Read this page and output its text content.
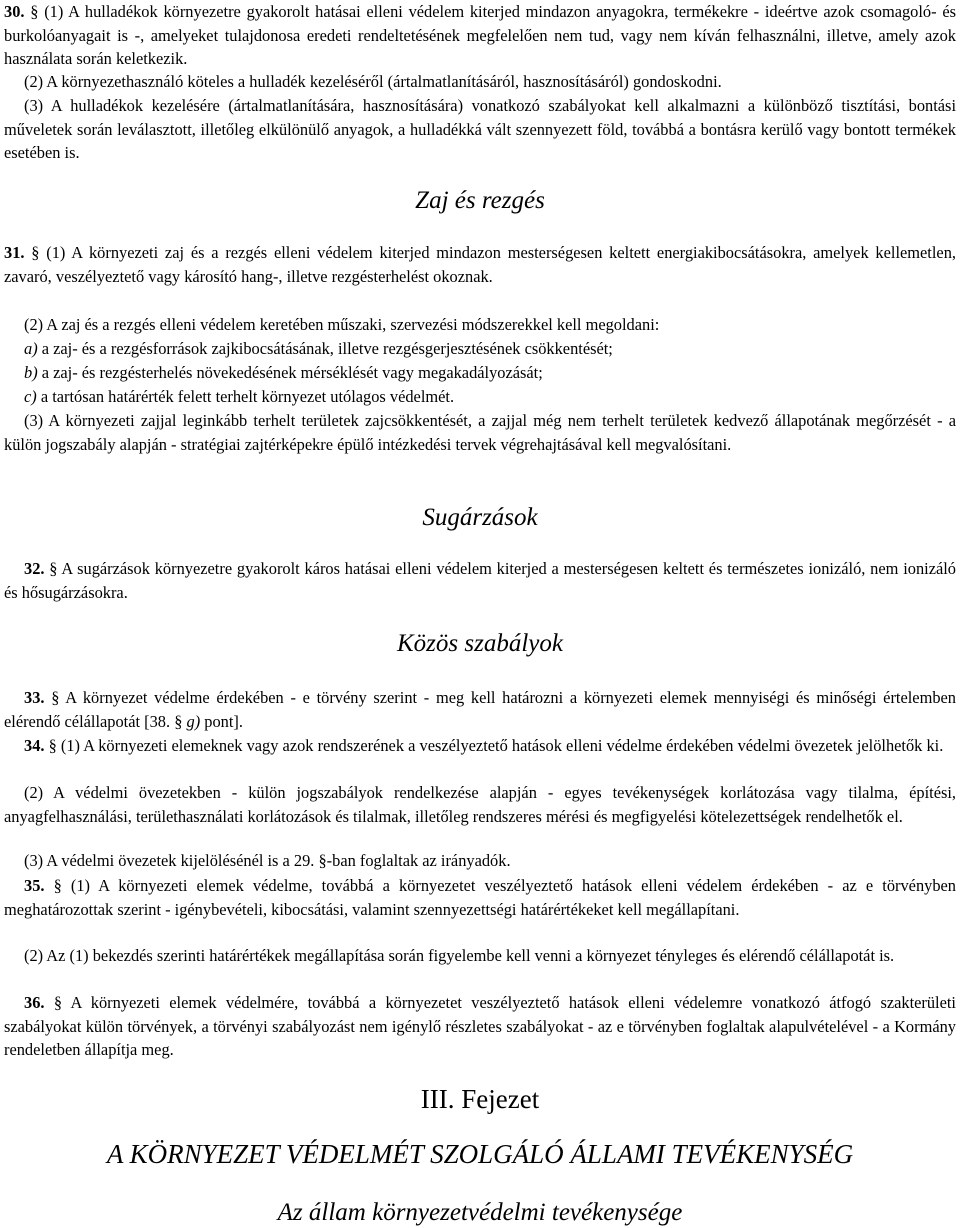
30. § (1) A hulladékok környezetre gyakorolt hatásai elleni védelem kiterjed mindazon anyagokra, termékekre - ideértve azok csomagoló- és burkolóanyagait is -, amelyeket tulajdonosa eredeti rendeltetésének megfelelően nem tud, vagy nem kíván felhasználni, illetve, amely azok használata során keletkezik.

(2) A környezethasználó köteles a hulladék kezeléséről (ártalmatlanításáról, hasznosításáról) gondoskodni.

(3) A hulladékok kezelésére (ártalmatlanítására, hasznosítására) vonatkozó szabályokat kell alkalmazni a különböző tisztítási, bontási műveletek során leválasztott, illetőleg elkülönülő anyagok, a hulladékká vált szennyezett föld, továbbá a bontásra kerülő vagy bontott termékek esetében is.

Zaj és rezgés

31. § (1) A környezeti zaj és a rezgés elleni védelem kiterjed mindazon mesterségesen keltett energiakibocsátásokra, amelyek kellemetlen, zavaró, veszélyeztető vagy károsító hang-, illetve rezgésterhelést okoznak.

(2) A zaj és a rezgés elleni védelem keretében műszaki, szervezési módszerekkel kell megoldani:

a) a zaj- és a rezgésforrások zajkibocsátásának, illetve rezgésgerjesztésének csökkentését;

b) a zaj- és rezgésterhelés növekedésének mérséklését vagy megakadályozását;

c) a tartósan határérték felett terhelt környezet utólagos védelmét.

(3) A környezeti zajjal leginkább terhelt területek zajcsökkentését, a zajjal még nem terhelt területek kedvező állapotának megőrzését - a külön jogszabály alapján - stratégiai zajtérképekre épülő intézkedési tervek végrehajtásával kell megvalósítani.

Sugárzások

32. § A sugárzások környezetre gyakorolt káros hatásai elleni védelem kiterjed a mesterségesen keltett és természetes ionizáló, nem ionizáló és hősugárzásokra.

Közös szabályok

33. § A környezet védelme érdekében - e törvény szerint - meg kell határozni a környezeti elemek mennyiségi és minőségi értelemben elérendő célállapotát [38. § g) pont].

34. § (1) A környezeti elemeknek vagy azok rendszerének a veszélyeztető hatások elleni védelme érdekében védelmi övezetek jelölhetők ki.

(2) A védelmi övezetekben - külön jogszabályok rendelkezése alapján - egyes tevékenységek korlátozása vagy tilalma, építési, anyagfelhasználási, területhasználati korlátozások és tilalmak, illetőleg rendszeres mérési és megfigyelési kötelezettségek rendelhetők el.

(3) A védelmi övezetek kijelölésénél is a 29. §-ban foglaltak az irányadók.

35. § (1) A környezeti elemek védelme, továbbá a környezetet veszélyeztető hatások elleni védelem érdekében - az e törvényben meghatározottak szerint - igénybevételi, kibocsátási, valamint szennyezettségi határértékeket kell megállapítani.

(2) Az (1) bekezdés szerinti határértékek megállapítása során figyelembe kell venni a környezet tényleges és elérendő célállapotát is.

36. § A környezeti elemek védelmére, továbbá a környezetet veszélyeztető hatások elleni védelemre vonatkozó átfogó szakterületi szabályokat külön törvények, a törvényi szabályozást nem igénylő részletes szabályokat - az e törvényben foglaltak alapulvételével - a Kormány rendeletben állapítja meg.

III. Fejezet
A KÖRNYEZET VÉDELMÉT SZOLGÁLÓ ÁLLAMI TEVÉKENYSÉG
Az állam környezetvédelmi tevékenysége
